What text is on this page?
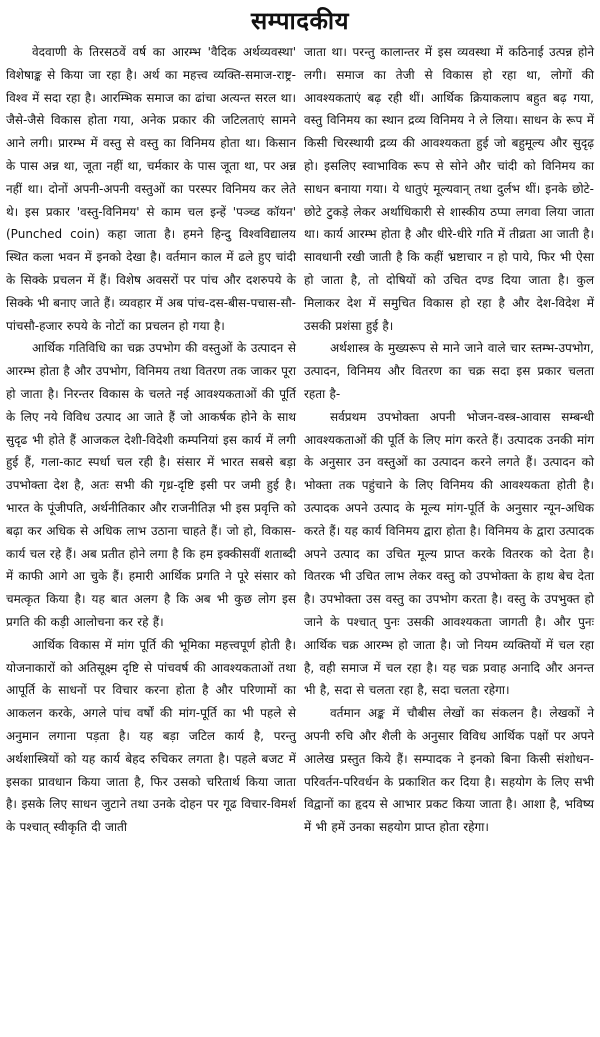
सम्पादकीय

वेदवाणी के तिरसठवें वर्ष का आरम्भ 'वैदिक अर्थव्यवस्था' विशेषाङ्क से किया जा रहा है। अर्थ का महत्त्व व्यक्ति-समाज-राष्ट्र-विश्व में सदा रहा है। आरम्भिक समाज का ढांचा अत्यन्त सरल था। जैसे-जैसे विकास होता गया, अनेक प्रकार की जटिलताएं सामने आने लगी। प्रारम्भ में वस्तु से वस्तु का विनिमय होता था। किसान के पास अन्न था, जूता नहीं था, चर्मकार के पास जूता था, पर अन्न नहीं था। दोनों अपनी-अपनी वस्तुओं का परस्पर विनिमय कर लेते थे। इस प्रकार 'वस्तु-विनिमय' से काम चल इन्हें 'पञ्च्ड कॉयन' (Punched coin) कहा जाता है। हमने हिन्दु विश्वविद्यालय स्थित कला भवन में इनको देखा है। वर्तमान काल में ढले हुए चांदी के सिक्के प्रचलन में हैं। विशेष अवसरों पर पांच और दशरुपये के सिक्के भी बनाए जाते हैं। व्यवहार में अब पांच-दस-बीस-पचास-सौ-पांचसौ-हजार रुपये के नोटों का प्रचलन हो गया है।

आर्थिक गतिविधि का चक्र उपभोग की वस्तुओं के उत्पादन से आरम्भ होता है और उपभोग, विनिमय तथा वितरण तक जाकर पूरा हो जाता है। निरन्तर विकास के चलते नई आवश्यकताओं की पूर्ति के लिए नये विविध उत्पाद आ जाते हैं जो आकर्षक होने के साथ सुदृढ भी होते हैं आजकल देशी-विदेशी कम्पनियां इस कार्य में लगी हुई हैं, गला-काट स्पर्धा चल रही है। संसार में भारत सबसे बड़ा उपभोक्ता देश है, अतः सभी की गृध्र-दृष्टि इसी पर जमी हुई है। भारत के पूंजीपति, अर्थनीतिकार और राजनीतिज्ञ भी इस प्रवृत्ति को बढ़ा कर अधिक से अधिक लाभ उठाना चाहते हैं। जो हो, विकास-कार्य चल रहे हैं। अब प्रतीत होने लगा है कि हम इक्कीसवीं शताब्दी में काफी आगे आ चुके हैं। हमारी आर्थिक प्रगति ने पूरे संसार को चमत्कृत किया है। यह बात अलग है कि अब भी कुछ लोग इस प्रगति की कड़ी आलोचना कर रहे हैं।

आर्थिक विकास में मांग पूर्ति की भूमिका महत्त्वपूर्ण होती है। योजनाकारों को अतिसूक्ष्म दृष्टि से पांचवर्ष की आवश्यकताओं तथा आपूर्ति के साधनों पर विचार करना होता है और परिणामों का आकलन करके, अगले पांच वर्षों की मांग-पूर्ति का भी पहले से अनुमान लगाना पड़ता है। यह बड़ा जटिल कार्य है, परन्तु अर्थशास्त्रियों को यह कार्य बेहद रुचिकर लगता है। पहले बजट में इसका प्रावधान किया जाता है, फिर उसको चरितार्थ किया जाता है। इसके लिए साधन जुटाने तथा उनके दोहन पर गूढ विचार-विमर्श के पश्चात् स्वीकृति दी जाती

जाता था। परन्तु कालान्तर में इस व्यवस्था में कठिनाई उत्पन्न होने लगी। समाज का तेजी से विकास हो रहा था, लोगों की आवश्यकताएं बढ़ रही थीं। आर्थिक क्रियाकलाप बहुत बढ़ गया, वस्तु विनिमय का स्थान द्रव्य विनिमय ने ले लिया। साधन के रूप में किसी चिरस्थायी द्रव्य की आवश्यकता हुई जो बहुमूल्य और सुदृढ़ हो। इसलिए स्वाभाविक रूप से सोने और चांदी को विनिमय का साधन बनाया गया। ये धातुएं मूल्यवान् तथा दुर्लभ थीं। इनके छोटे-छोटे टुकड़े लेकर अर्थाधिकारी से शास्कीय ठप्पा लगवा लिया जाता था। कार्य आरम्भ होता है और धीरे-धीरे गति में तीव्रता आ जाती है। सावधानी रखी जाती है कि कहीं भ्रष्टाचार न हो पाये, फिर भी ऐसा हो जाता है, तो दोषियों को उचित दण्ड दिया जाता है। कुल मिलाकर देश में समुचित विकास हो रहा है और देश-विदेश में उसकी प्रशंसा हुई है।

अर्थशास्त्र के मुख्यरूप से माने जाने वाले चार स्तम्भ-उपभोग, उत्पादन, विनिमय और वितरण का चक्र सदा इस प्रकार चलता रहता है-

सर्वप्रथम उपभोक्ता अपनी भोजन-वस्त्र-आवास सम्बन्धी आवश्यकताओं की पूर्ति के लिए मांग करते हैं। उत्पादक उनकी मांग के अनुसार उन वस्तुओं का उत्पादन करने लगते हैं। उत्पादन को भोक्ता तक पहुंचाने के लिए विनिमय की आवश्यकता होती है। उत्पादक अपने उत्पाद के मूल्य मांग-पूर्ति के अनुसार न्यून-अधिक करते हैं। यह कार्य विनिमय द्वारा होता है। विनिमय के द्वारा उत्पादक अपने उत्पाद का उचित मूल्य प्राप्त करके वितरक को देता है। वितरक भी उचित लाभ लेकर वस्तु को उपभोक्ता के हाथ बेच देता है। उपभोक्ता उस वस्तु का उपभोग करता है। वस्तु के उपभुक्त हो जाने के पश्चात् पुनः उसकी आवश्यकता जागती है। और पुनः आर्थिक चक्र आरम्भ हो जाता है। जो नियम व्यक्तियों में चल रहा है, वही समाज में चल रहा है। यह चक्र प्रवाह अनादि और अनन्त भी है, सदा से चलता रहा है, सदा चलता रहेगा।

वर्तमान अङ्क में चौबीस लेखों का संकलन है। लेखकों ने अपनी रुचि और शैली के अनुसार विविध आर्थिक पक्षों पर अपने आलेख प्रस्तुत किये हैं। सम्पादक ने इनको बिना किसी संशोधन-परिवर्तन-परिवर्धन के प्रकाशित कर दिया है। सहयोग के लिए सभी विद्वानों का हृदय से आभार प्रकट किया जाता है। आशा है, भविष्य में भी हमें उनका सहयोग प्राप्त होता रहेगा।
